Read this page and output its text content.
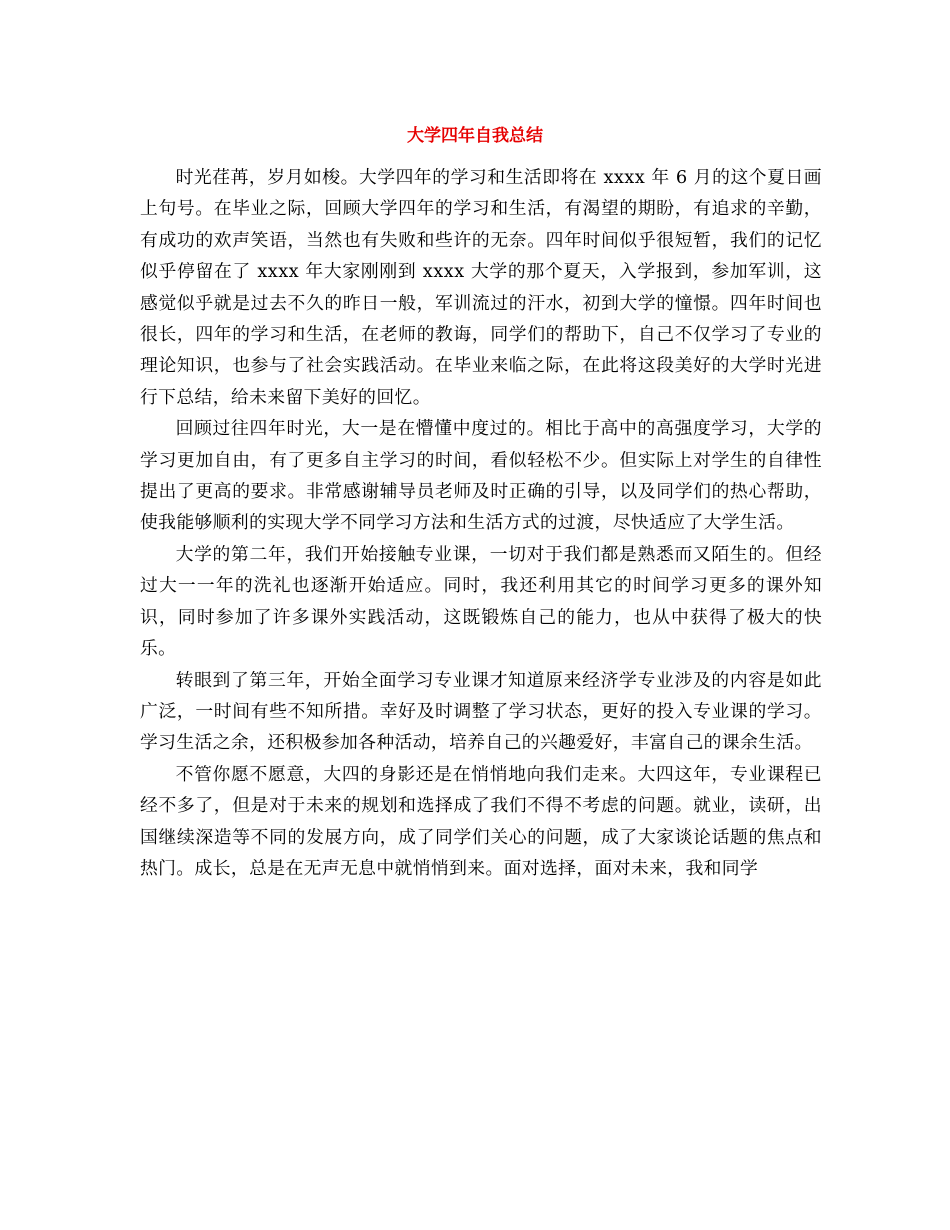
大学四年自我总结

时光荏苒，岁月如梭。大学四年的学习和生活即将在 xxxx 年 6 月的这个夏日画上句号。在毕业之际，回顾大学四年的学习和生活，有渴望的期盼，有追求的辛勤，有成功的欢声笑语，当然也有失败和些许的无奈。四年时间似乎很短暂，我们的记忆似乎停留在了 xxxx 年大家刚刚到 xxxx 大学的那个夏天，入学报到，参加军训，这感觉似乎就是过去不久的昨日一般，军训流过的汗水，初到大学的憧憬。四年时间也很长，四年的学习和生活，在老师的教诲，同学们的帮助下，自己不仅学习了专业的理论知识，也参与了社会实践活动。在毕业来临之际，在此将这段美好的大学时光进行下总结，给未来留下美好的回忆。

回顾过往四年时光，大一是在懵懂中度过的。相比于高中的高强度学习，大学的学习更加自由，有了更多自主学习的时间，看似轻松不少。但实际上对学生的自律性提出了更高的要求。非常感谢辅导员老师及时正确的引导，以及同学们的热心帮助，使我能够顺利的实现大学不同学习方法和生活方式的过渡，尽快适应了大学生活。

大学的第二年，我们开始接触专业课，一切对于我们都是熟悉而又陌生的。但经过大一一年的洗礼也逐渐开始适应。同时，我还利用其它的时间学习更多的课外知识，同时参加了许多课外实践活动，这既锻炼自己的能力，也从中获得了极大的快乐。

转眼到了第三年，开始全面学习专业课才知道原来经济学专业涉及的内容是如此广泛，一时间有些不知所措。幸好及时调整了学习状态，更好的投入专业课的学习。学习生活之余，还积极参加各种活动，培养自己的兴趣爱好，丰富自己的课余生活。

不管你愿不愿意，大四的身影还是在悄悄地向我们走来。大四这年，专业课程已经不多了，但是对于未来的规划和选择成了我们不得不考虑的问题。就业，读研，出国继续深造等不同的发展方向，成了同学们关心的问题，成了大家谈论话题的焦点和热门。成长，总是在无声无息中就悄悄到来。面对选择，面对未来，我和同学
